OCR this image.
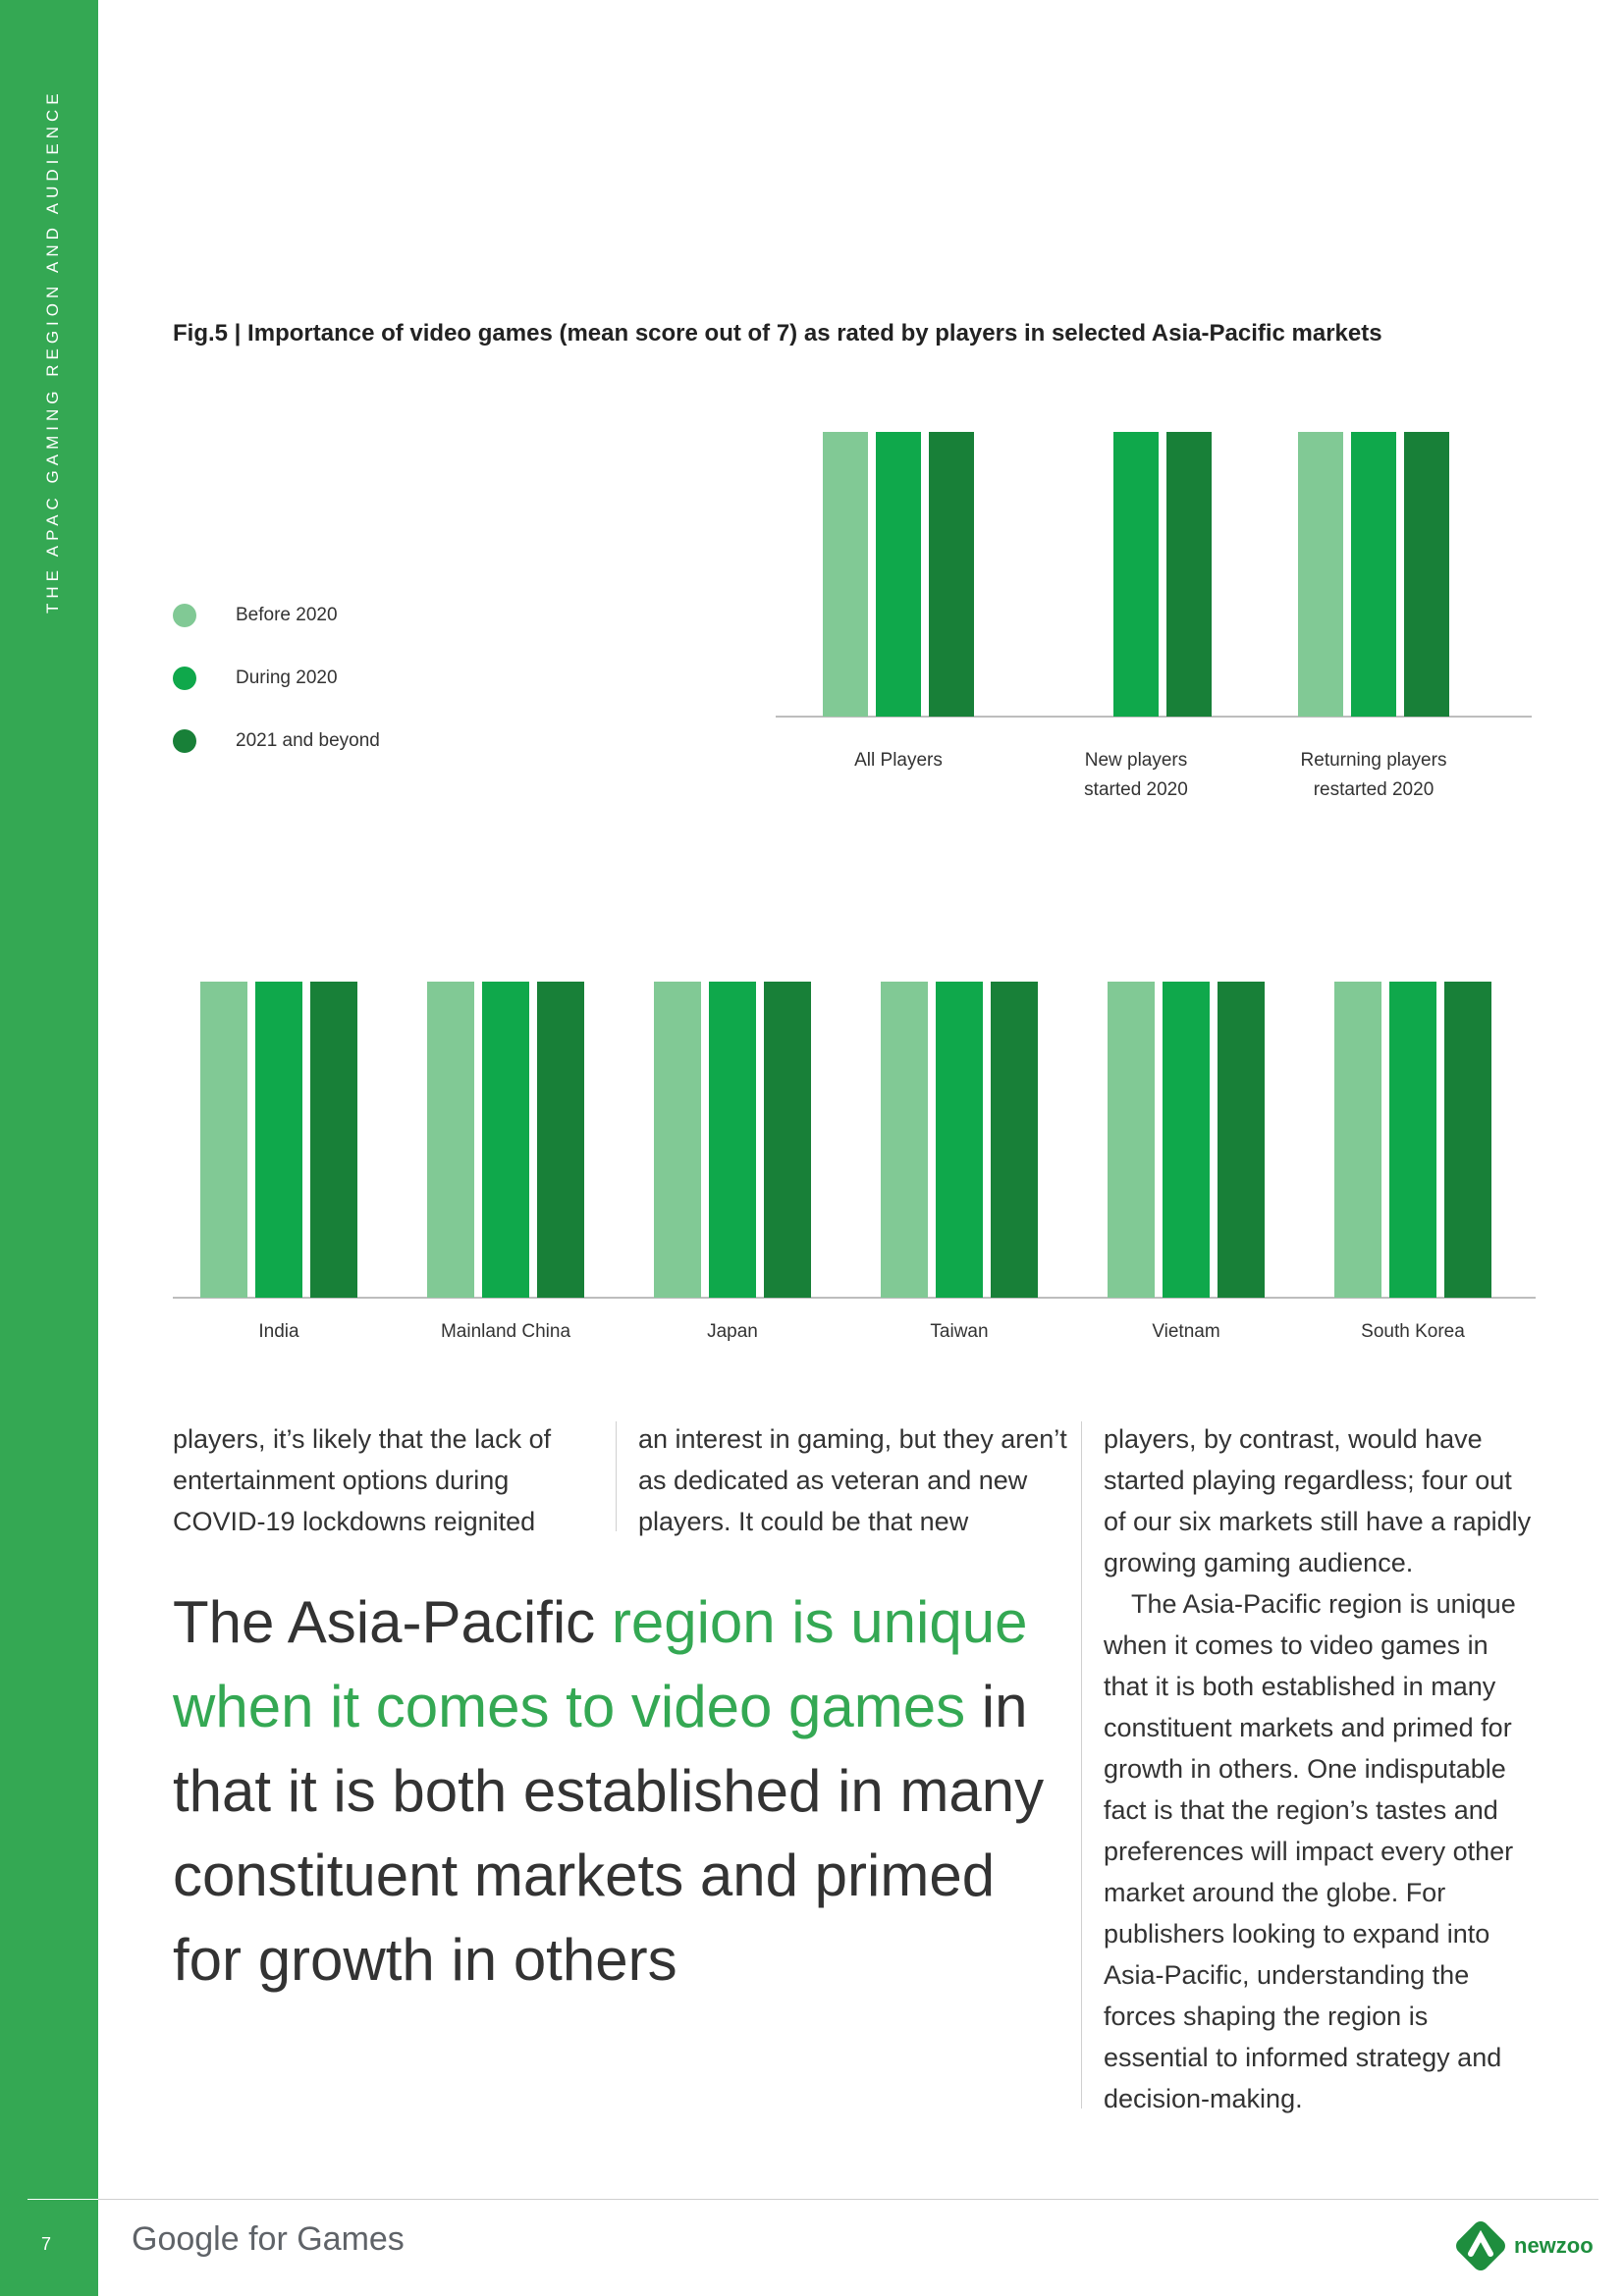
THE APAC GAMING REGION AND AUDIENCE
7
Fig.5 | Importance of video games (mean score out of 7) as rated by players in selected Asia-Pacific markets
Before 2020
During 2020
2021 and beyond
All Players	New players
started 2020
Returning players
restarted 2020
India	Mainland China	Japan	Taiwan	Vietnam	South Korea
players, it’s likely that the lack of entertainment options during COVID-19 lockdowns reignited
an interest in gaming, but they aren’t as dedicated as veteran and new players. It could be that new
players, by contrast, would have started playing regardless; four out of our six markets still have a rapidly growing gaming audience.
The Asia-Pacific region is unique when it comes to video games in that it is both established in many constituent markets and primed for growth in others. One indisputable fact is that the region’s tastes and preferences will impact every other market around the globe. For publishers looking to expand into Asia-Pacific, understanding the forces shaping the region is essential to informed strategy and decision-making.
The Asia-Pacific region is unique when it comes to video games in that it is both established in many constituent markets and primed for growth in others
Google for Games	newzoo
